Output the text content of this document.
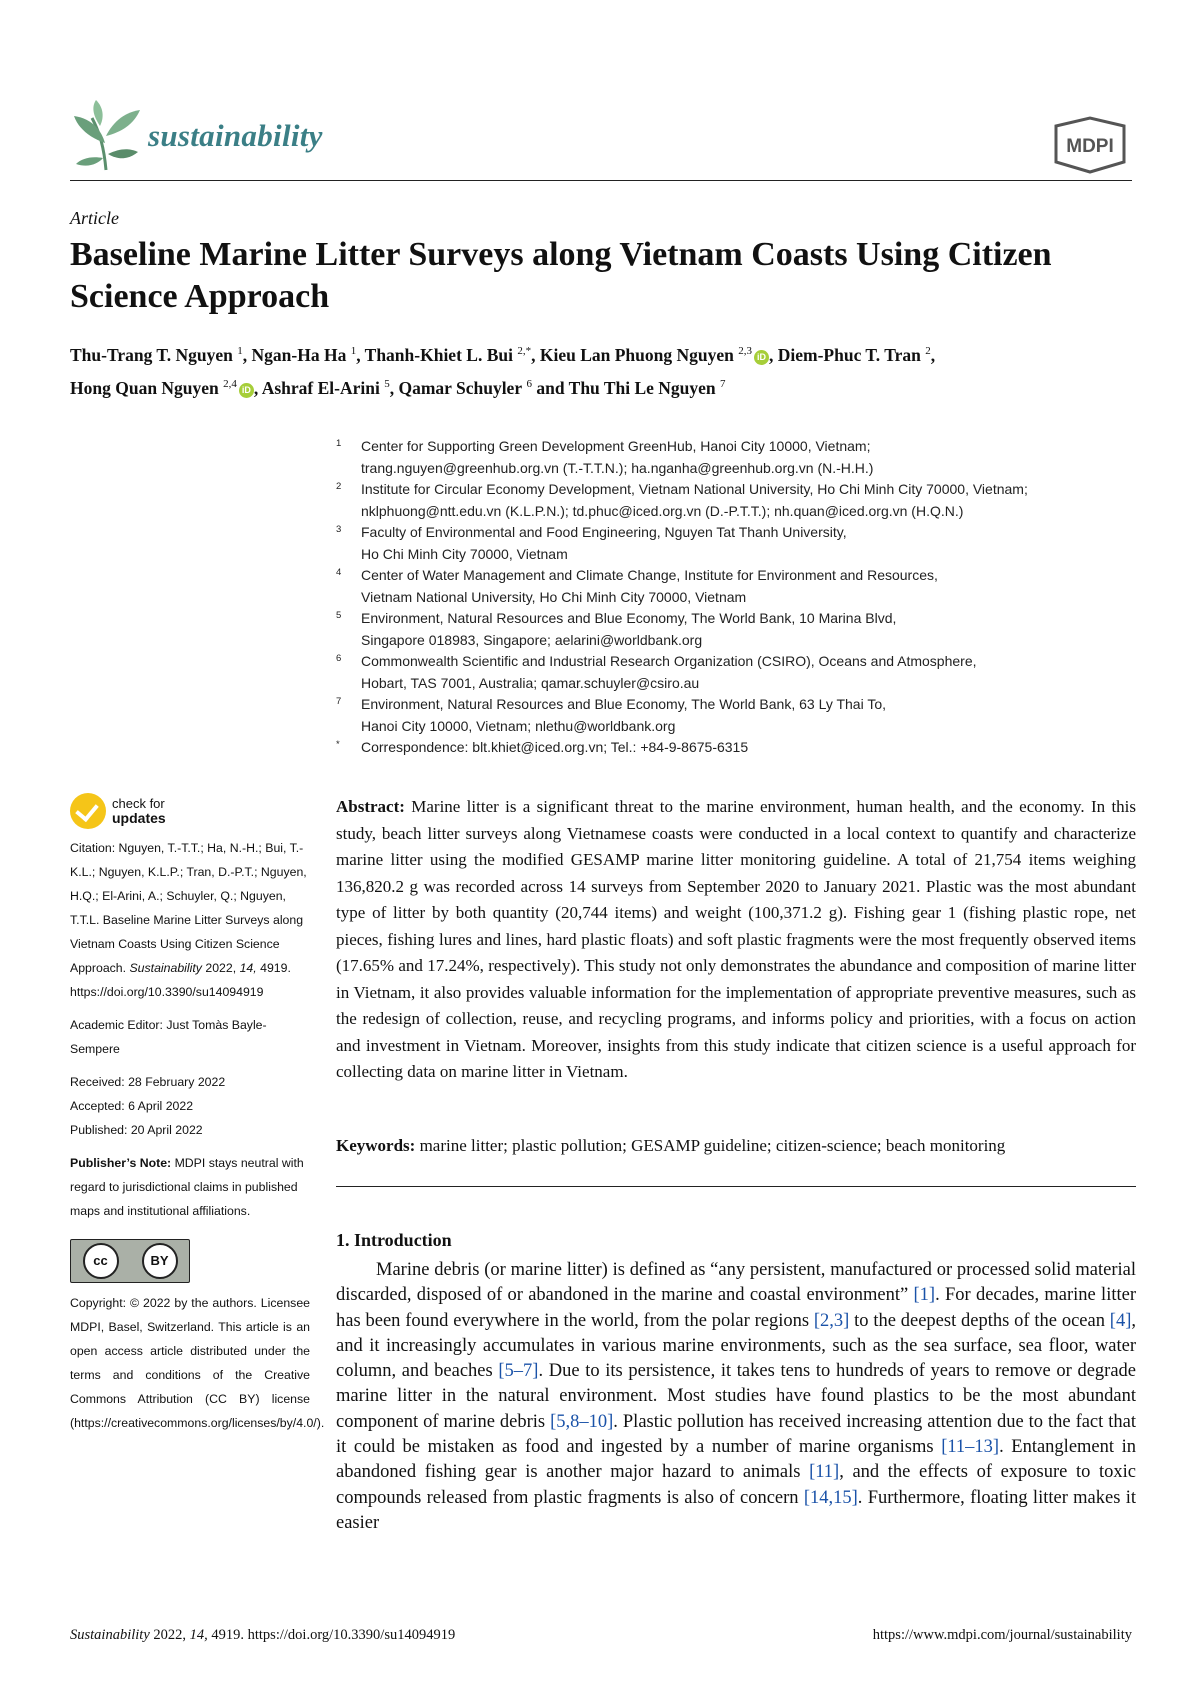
sustainability	MDPI
Article
Baseline Marine Litter Surveys along Vietnam Coasts Using Citizen Science Approach
Thu-Trang T. Nguyen $^1$, Ngan-Ha Ha $^1$, Thanh-Khiet L. Bui $^{2,*}$, Kieu Lan Phuong Nguyen $^{2,3}$ iD , Diem-Phuc T. Tran $^2$,
Hong Quan Nguyen $^{2,4}$ iD , Ashraf El-Arini $^5$, Qamar Schuyler $^6$ and Thu Thi Le Nguyen $^7$
1 Center for Supporting Green Development GreenHub, Hanoi City 10000, Vietnam;
trang.nguyen@greenhub.org.vn (T.-T.T.N.); ha.nganha@greenhub.org.vn (N.-H.H.)
2 Institute for Circular Economy Development, Vietnam National University, Ho Chi Minh City 70000, Vietnam;
nklphuong@ntt.edu.vn (K.L.P.N.); td.phuc@iced.org.vn (D.-P.T.T.); nh.quan@iced.org.vn (H.Q.N.)
3 Faculty of Environmental and Food Engineering, Nguyen Tat Thanh University,
Ho Chi Minh City 70000, Vietnam
4 Center of Water Management and Climate Change, Institute for Environment and Resources,
Vietnam National University, Ho Chi Minh City 70000, Vietnam
5 Environment, Natural Resources and Blue Economy, The World Bank, 10 Marina Blvd,
Singapore 018983, Singapore; aelarini@worldbank.org
6 Commonwealth Scientific and Industrial Research Organization (CSIRO), Oceans and Atmosphere,
Hobart, TAS 7001, Australia; qamar.schuyler@csiro.au
7 Environment, Natural Resources and Blue Economy, The World Bank, 63 Ly Thai To,
Hanoi City 10000, Vietnam; nlethu@worldbank.org
* Correspondence: blt.khiet@iced.org.vn; Tel.: +84-9-8675-6315
check for
updates
Citation: Nguyen, T.-T.T.; Ha, N.-H.; Bui, T.-K.L.; Nguyen, K.L.P.; Tran, D.-P.T.; Nguyen, H.Q.; El-Arini, A.; Schuyler, Q.; Nguyen, T.T.L. Baseline Marine Litter Surveys along Vietnam Coasts Using Citizen Science Approach. Sustainability 2022, 14, 4919. https://doi.org/10.3390/su14094919
Academic Editor: Just Tomàs Bayle-Sempere
Received: 28 February 2022
Accepted: 6 April 2022
Published: 20 April 2022
Publisher’s Note: MDPI stays neutral with regard to jurisdictional claims in published maps and institutional affiliations.
cc	BY
Copyright: © 2022 by the authors. Licensee MDPI, Basel, Switzerland. This article is an open access article distributed under the terms and conditions of the Creative Commons Attribution (CC BY) license (https://creativecommons.org/licenses/by/4.0/).
Abstract: Marine litter is a significant threat to the marine environment, human health, and the economy. In this study, beach litter surveys along Vietnamese coasts were conducted in a local context to quantify and characterize marine litter using the modified GESAMP marine litter monitoring guideline. A total of 21,754 items weighing 136,820.2 g was recorded across 14 surveys from September 2020 to January 2021. Plastic was the most abundant type of litter by both quantity (20,744 items) and weight (100,371.2 g). Fishing gear 1 (fishing plastic rope, net pieces, fishing lures and lines, hard plastic floats) and soft plastic fragments were the most frequently observed items (17.65% and 17.24%, respectively). This study not only demonstrates the abundance and composition of marine litter in Vietnam, it also provides valuable information for the implementation of appropriate preventive measures, such as the redesign of collection, reuse, and recycling programs, and informs policy and priorities, with a focus on action and investment in Vietnam. Moreover, insights from this study indicate that citizen science is a useful approach for collecting data on marine litter in Vietnam.
Keywords: marine litter; plastic pollution; GESAMP guideline; citizen-science; beach monitoring
1. Introduction
Marine debris (or marine litter) is defined as “any persistent, manufactured or processed solid material discarded, disposed of or abandoned in the marine and coastal environment” [1]. For decades, marine litter has been found everywhere in the world, from the polar regions [2,3] to the deepest depths of the ocean [4], and it increasingly accumulates in various marine environments, such as the sea surface, sea floor, water column, and beaches [5–7]. Due to its persistence, it takes tens to hundreds of years to remove or degrade marine litter in the natural environment. Most studies have found plastics to be the most abundant component of marine debris [5,8–10]. Plastic pollution has received increasing attention due to the fact that it could be mistaken as food and ingested by a number of marine organisms [11–13]. Entanglement in abandoned fishing gear is another major hazard to animals [11], and the effects of exposure to toxic compounds released from plastic fragments is also of concern [14,15]. Furthermore, floating litter makes it easier
Sustainability 2022, 14, 4919. https://doi.org/10.3390/su14094919	https://www.mdpi.com/journal/sustainability
